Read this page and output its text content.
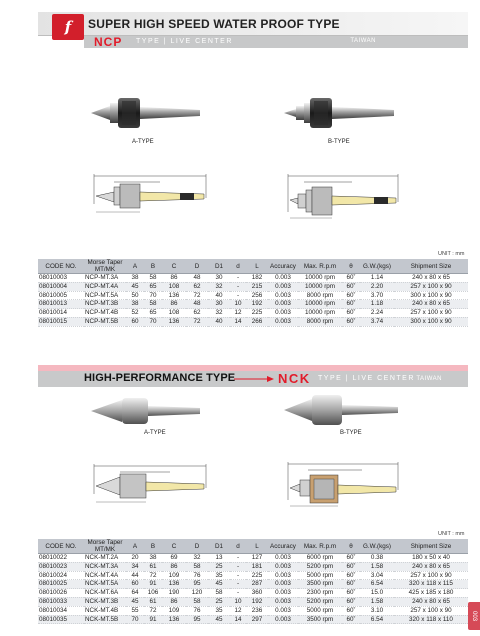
f	SUPER HIGH SPEED WATER PROOF TYPE
NCP TYPE | LIVE CENTER	TAIWAN
A-TYPE	B-TYPE
UNIT : mm
CODE NO.	Morse Taper MT/MK	A	B	C	D	D1	d	L	Accuracy	Max. R.p.m	θ	G.W.(kgs)	Shipment Size
08010003	NCP-MT.3A	38	58	86	48	30	-	182	0.003	10000 rpm	60˚	1.14	240 x 80 x 65
08010004	NCP-MT.4A	45	65	108	62	32	-	215	0.003	10000 rpm	60˚	2.20	257 x 100 x 90
08010005	NCP-MT.5A	50	70	136	72	40	-	256	0.003	8000 rpm	60˚	3.70	300 x 100 x 90
08010013	NCP-MT.3B	38	58	86	48	30	10	192	0.003	10000 rpm	60˚	1.18	240 x 80 x 65
08010014	NCP-MT.4B	52	65	108	62	32	12	225	0.003	10000 rpm	60˚	2.24	257 x 100 x 90
08010015	NCP-MT.5B	60	70	136	72	40	14	266	0.003	8000 rpm	60˚	3.74	300 x 100 x 90
HIGH-PERFORMANCE TYPE	NCK TYPE | LIVE CENTER TAIWAN
A-TYPE	B-TYPE
UNIT : mm
CODE NO.	Morse Taper MT/MK	A	B	C	D	D1	d	L	Accuracy	Max. R.p.m	θ	G.W.(kgs)	Shipment Size
08010022	NCK-MT.2A	20	38	69	32	13	-	127	0.003	6000 rpm	60˚	0.38	180 x 50 x 40
08010023	NCK-MT.3A	34	61	86	58	25	-	181	0.003	5200 rpm	60˚	1.58	240 x 80 x 65
08010024	NCK-MT.4A	44	72	109	76	35	-	225	0.003	5000 rpm	60˚	3.04	257 x 100 x 90
08010025	NCK-MT.5A	60	91	136	95	45	-	287	0.003	3500 rpm	60˚	6.54	320 x 118 x 115
08010026	NCK-MT.6A	64	106	190	120	58	-	360	0.003	2300 rpm	60˚	15.0	425 x 185 x 180
08010033	NCK-MT.3B	45	61	86	58	25	10	192	0.003	5200 rpm	60˚	1.58	240 x 80 x 65
08010034	NCK-MT.4B	55	72	109	76	35	12	236	0.003	5000 rpm	60˚	3.10	257 x 100 x 90
08010035	NCK-MT.5B	70	91	136	95	45	14	297	0.003	3500 rpm	60˚	6.54	320 x 118 x 110	003
